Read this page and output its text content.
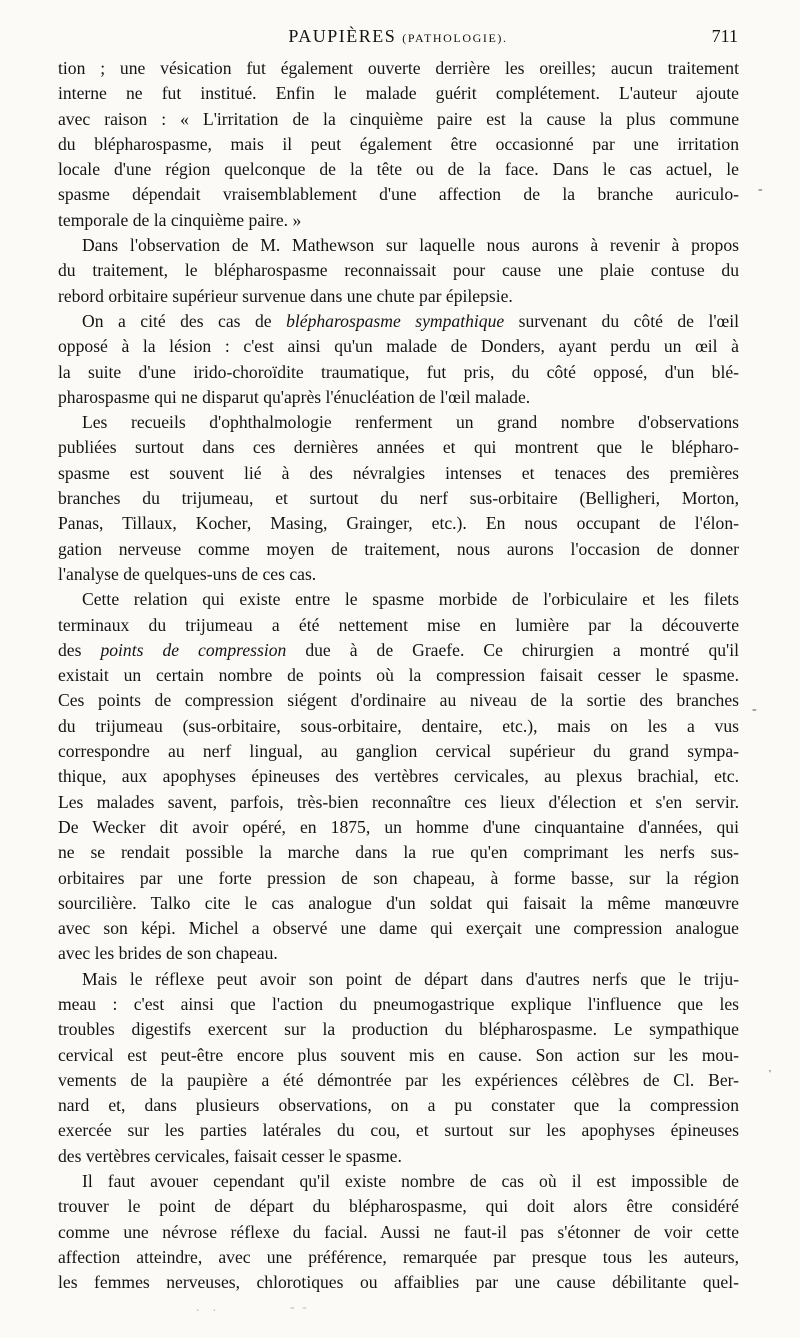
PAUPIÈRES (PATHOLOGIE).	711
tion ; une vésication fut également ouverte derrière les oreilles; aucun traitement
interne ne fut institué. Enfin le malade guérit complétement. L'auteur ajoute
avec raison : « L'irritation de la cinquième paire est la cause la plus commune
du blépharospasme, mais il peut également être occasionné par une irritation
locale d'une région quelconque de la tête ou de la face. Dans le cas actuel, le
spasme dépendait vraisemblablement d'une affection de la branche auriculo-
temporale de la cinquième paire. »
Dans l'observation de M. Mathewson sur laquelle nous aurons à revenir à propos
du traitement, le blépharospasme reconnaissait pour cause une plaie contuse du
rebord orbitaire supérieur survenue dans une chute par épilepsie.
On a cité des cas de blépharospasme sympathique survenant du côté de l'œil
opposé à la lésion : c'est ainsi qu'un malade de Donders, ayant perdu un œil à
la suite d'une irido-choroïdite traumatique, fut pris, du côté opposé, d'un blé-
pharospasme qui ne disparut qu'après l'énucléation de l'œil malade.
Les recueils d'ophthalmologie renferment un grand nombre d'observations
publiées surtout dans ces dernières années et qui montrent que le blépharo-
spasme est souvent lié à des névralgies intenses et tenaces des premières
branches du trijumeau, et surtout du nerf sus-orbitaire (Belligheri, Morton,
Panas, Tillaux, Kocher, Masing, Grainger, etc.). En nous occupant de l'élon-
gation nerveuse comme moyen de traitement, nous aurons l'occasion de donner
l'analyse de quelques-uns de ces cas.
Cette relation qui existe entre le spasme morbide de l'orbiculaire et les filets
terminaux du trijumeau a été nettement mise en lumière par la découverte
des points de compression due à de Graefe. Ce chirurgien a montré qu'il
existait un certain nombre de points où la compression faisait cesser le spasme.
Ces points de compression siégent d'ordinaire au niveau de la sortie des branches
du trijumeau (sus-orbitaire, sous-orbitaire, dentaire, etc.), mais on les a vus
correspondre au nerf lingual, au ganglion cervical supérieur du grand sympa-
thique, aux apophyses épineuses des vertèbres cervicales, au plexus brachial, etc.
Les malades savent, parfois, très-bien reconnaître ces lieux d'élection et s'en servir.
De Wecker dit avoir opéré, en 1875, un homme d'une cinquantaine d'années, qui
ne se rendait possible la marche dans la rue qu'en comprimant les nerfs sus-
orbitaires par une forte pression de son chapeau, à forme basse, sur la région
sourcilière. Talko cite le cas analogue d'un soldat qui faisait la même manœuvre
avec son képi. Michel a observé une dame qui exerçait une compression analogue
avec les brides de son chapeau.
Mais le réflexe peut avoir son point de départ dans d'autres nerfs que le triju-
meau : c'est ainsi que l'action du pneumogastrique explique l'influence que les
troubles digestifs exercent sur la production du blépharospasme. Le sympathique
cervical est peut-être encore plus souvent mis en cause. Son action sur les mou-
vements de la paupière a été démontrée par les expériences célèbres de Cl. Ber-
nard et, dans plusieurs observations, on a pu constater que la compression
exercée sur les parties latérales du cou, et surtout sur les apophyses épineuses
des vertèbres cervicales, faisait cesser le spasme.
Il faut avouer cependant qu'il existe nombre de cas où il est impossible de
trouver le point de départ du blépharospasme, qui doit alors être considéré
comme une névrose réflexe du facial. Aussi ne faut-il pas s'étonner de voir cette
affection atteindre, avec une préférence, remarquée par presque tous les auteurs,
les femmes nerveuses, chlorotiques ou affaiblies par une cause débilitante quel-
-
-
'
.  .	- -
